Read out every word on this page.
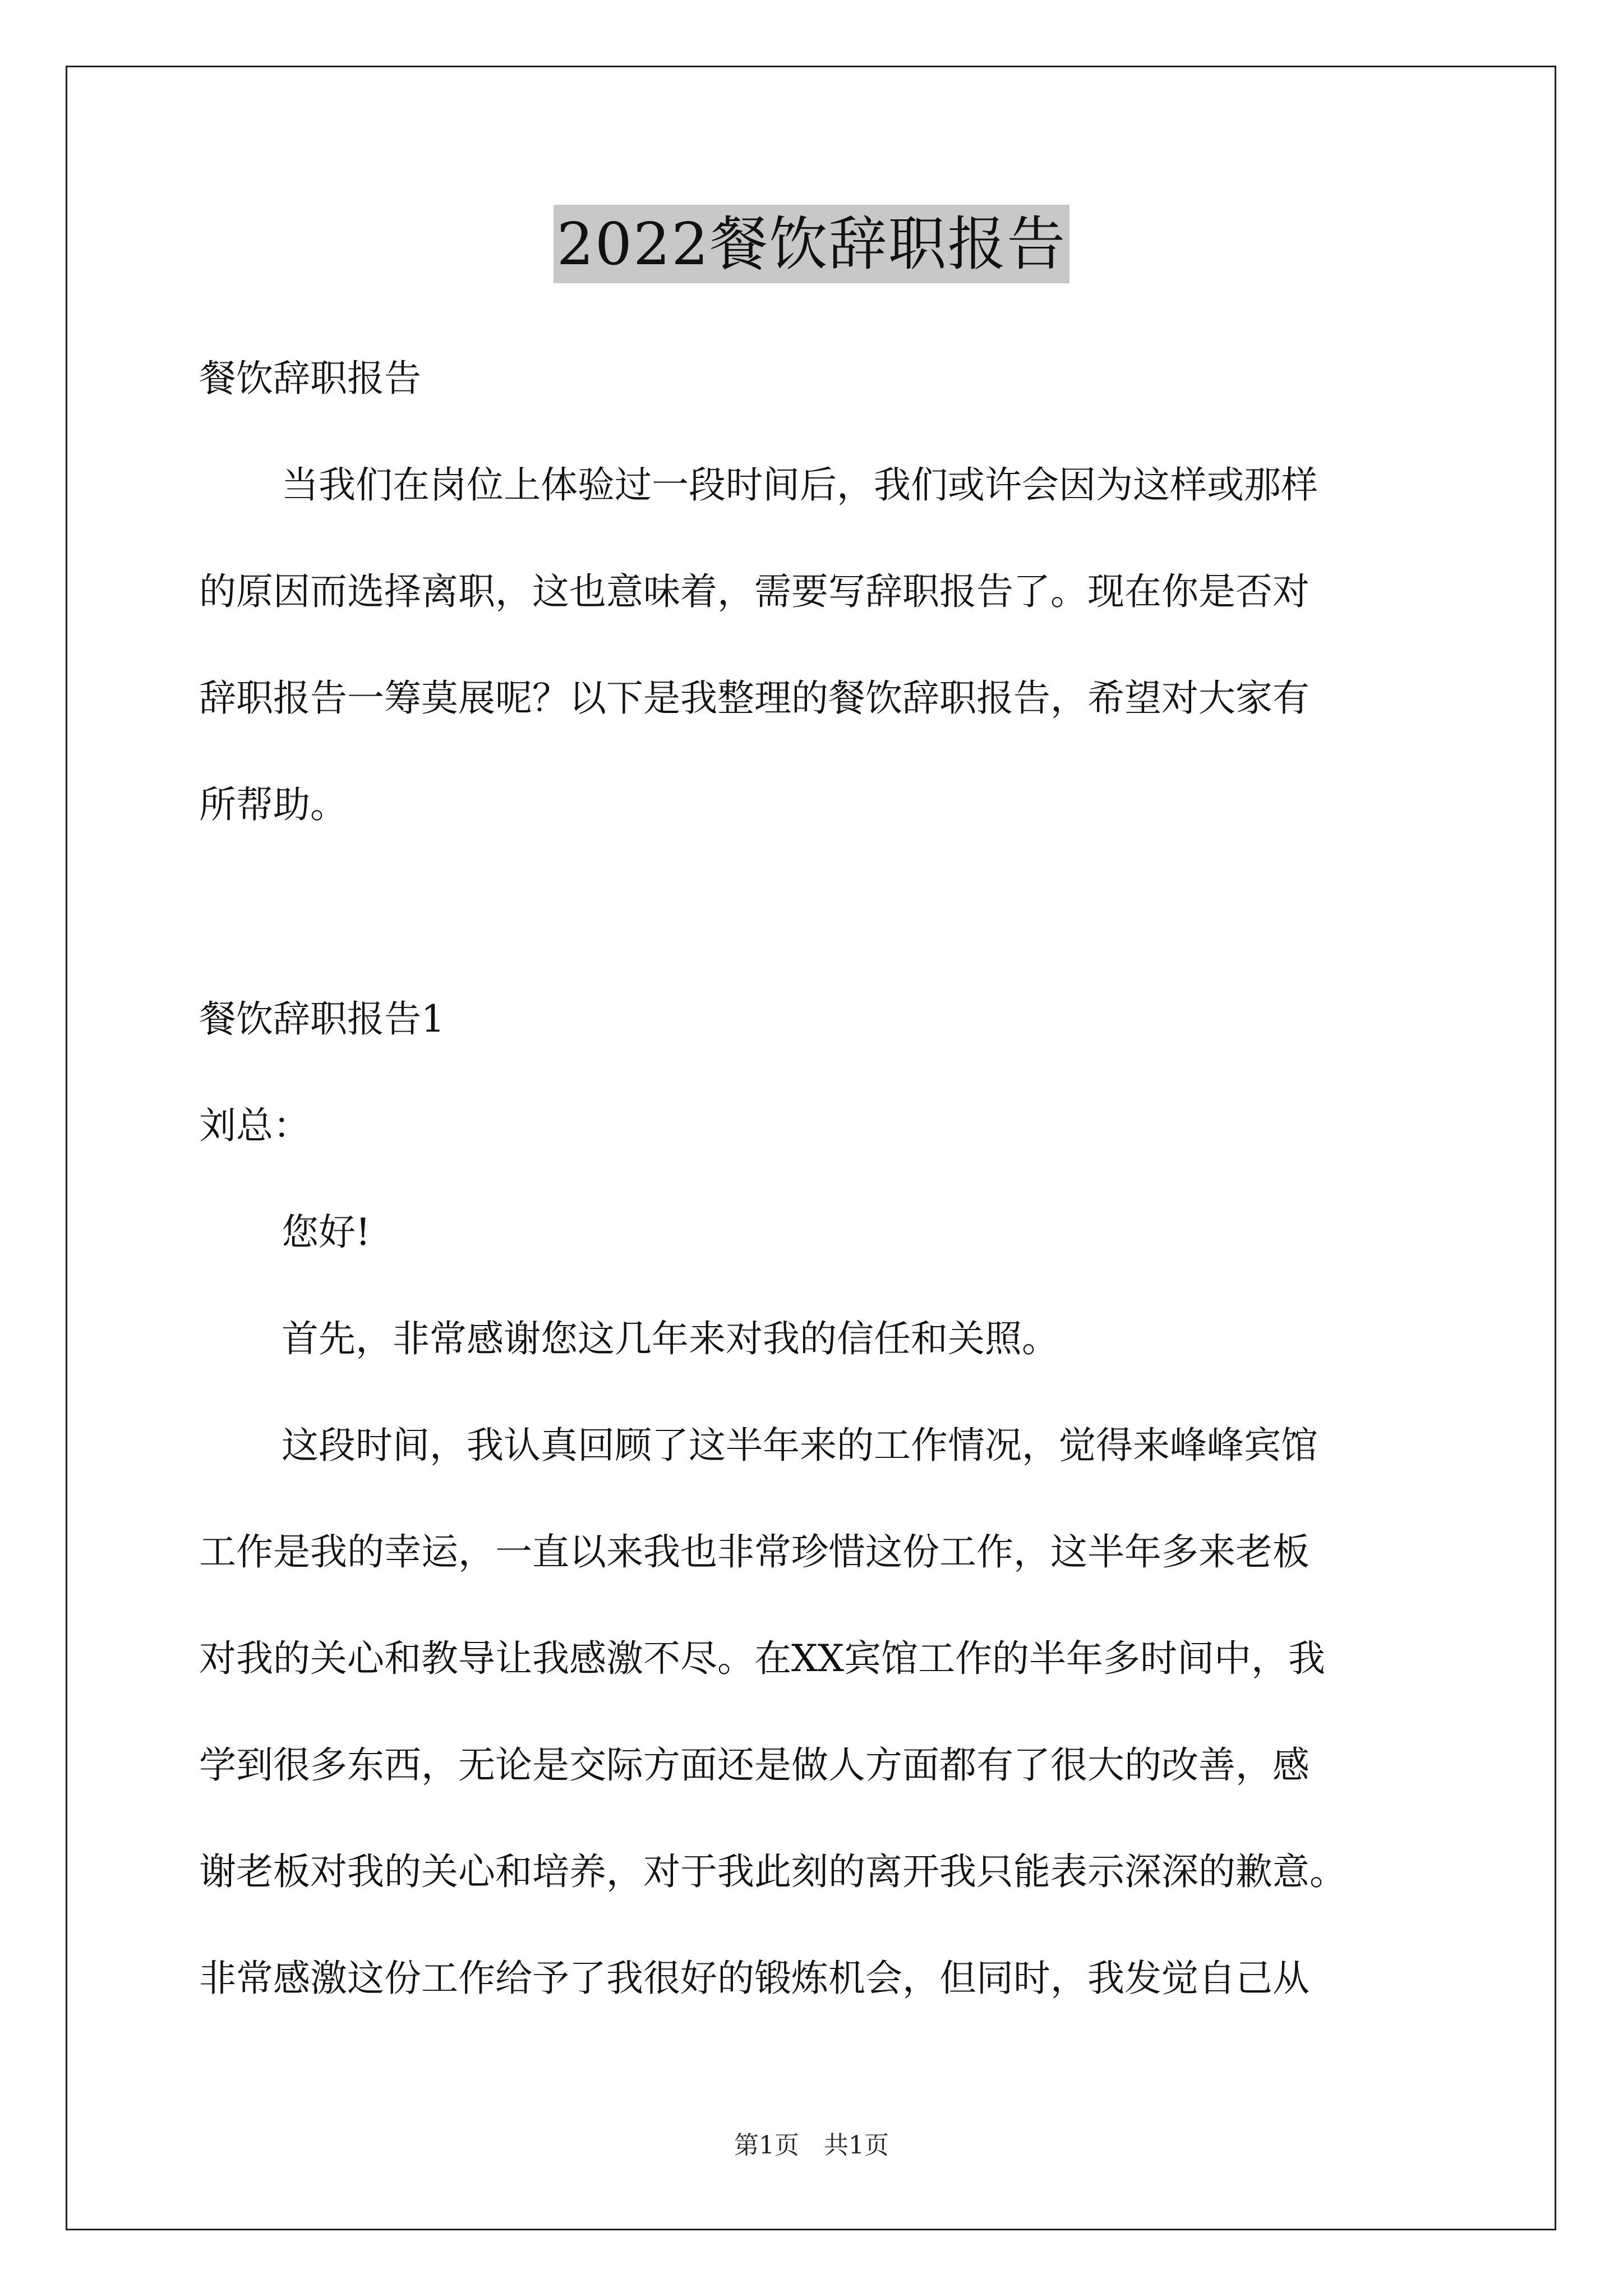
2022餐饮辞职报告
餐饮辞职报告
当我们在岗位上体验过一段时间后，我们或许会因为这样或那样
的原因而选择离职，这也意味着，需要写辞职报告了。现在你是否对
辞职报告一筹莫展呢？以下是我整理的餐饮辞职报告，希望对大家有
所帮助。
餐饮辞职报告1
刘总：
您好!
首先，非常感谢您这几年来对我的信任和关照。
这段时间，我认真回顾了这半年来的工作情况，觉得来峰峰宾馆
工作是我的幸运，一直以来我也非常珍惜这份工作，这半年多来老板
对我的关心和教导让我感激不尽。在XX宾馆工作的半年多时间中，我
学到很多东西，无论是交际方面还是做人方面都有了很大的改善，感
谢老板对我的关心和培养，对于我此刻的离开我只能表示深深的歉意。
非常感激这份工作给予了我很好的锻炼机会，但同时，我发觉自己从
第1页　共1页
